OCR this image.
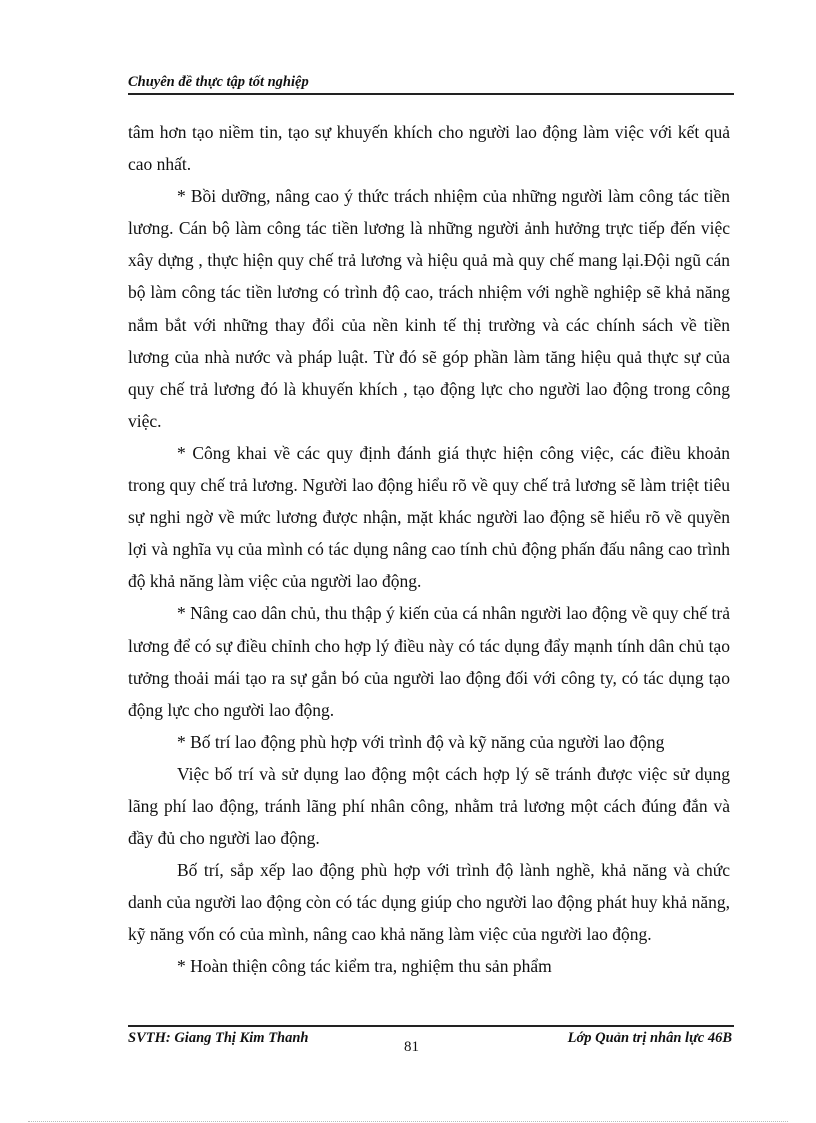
Chuyên đề thực tập tốt nghiệp

tâm hơn tạo niềm tin, tạo sự khuyến khích cho người lao động làm việc với kết quả cao nhất.

* Bồi dưỡng, nâng cao ý thức trách nhiệm của những người làm công tác tiền lương. Cán bộ làm công tác tiền lương là những người ảnh hưởng trực tiếp đến việc xây dựng , thực hiện quy chế trả lương và hiệu quả mà quy chế mang lại.Đội ngũ cán bộ làm công tác tiền lương có trình độ cao, trách nhiệm với nghề nghiệp sẽ khả năng nắm bắt với những thay đổi của nền kinh tế thị trường và các chính sách về tiền lương của nhà nước và pháp luật. Từ đó sẽ góp phần làm tăng hiệu quả thực sự của quy chế trả lương đó là khuyến khích , tạo động lực cho người lao động trong công việc.

* Công khai về các quy định đánh giá thực hiện công việc, các điều khoản trong quy chế trả lương. Người lao động hiểu rõ về quy chế trả lương sẽ làm triệt tiêu sự nghi ngờ về mức lương được nhận, mặt khác người lao động sẽ hiểu rõ về quyền lợi và nghĩa vụ của mình có tác dụng nâng cao tính chủ động phấn đấu nâng cao trình độ khả năng làm việc của người lao động.

* Nâng cao dân chủ, thu thập ý kiến của cá nhân người lao động về quy chế trả lương để có sự điều chỉnh cho hợp lý điều này có tác dụng đẩy mạnh tính dân chủ tạo tưởng thoải mái tạo ra sự gắn bó của người lao động đối với công ty, có tác dụng tạo động lực cho người lao động.

* Bố trí lao động phù hợp với trình độ và kỹ năng của người lao động

Việc bố trí và sử dụng lao động một cách hợp lý sẽ tránh được việc sử dụng lãng phí lao động, tránh lãng phí nhân công, nhằm trả lương một cách đúng đắn và đầy đủ cho người lao động.

Bố trí, sắp xếp lao động phù hợp với trình độ lành nghề, khả năng và chức danh của người lao động còn có tác dụng giúp cho người lao động phát huy khả năng, kỹ năng vốn có của mình, nâng cao khả năng làm việc của người lao động.

* Hoàn thiện công tác kiểm tra, nghiệm thu sản phẩm

SVTH: Giang Thị Kim Thanh
81
Lớp Quản trị nhân lực 46B
